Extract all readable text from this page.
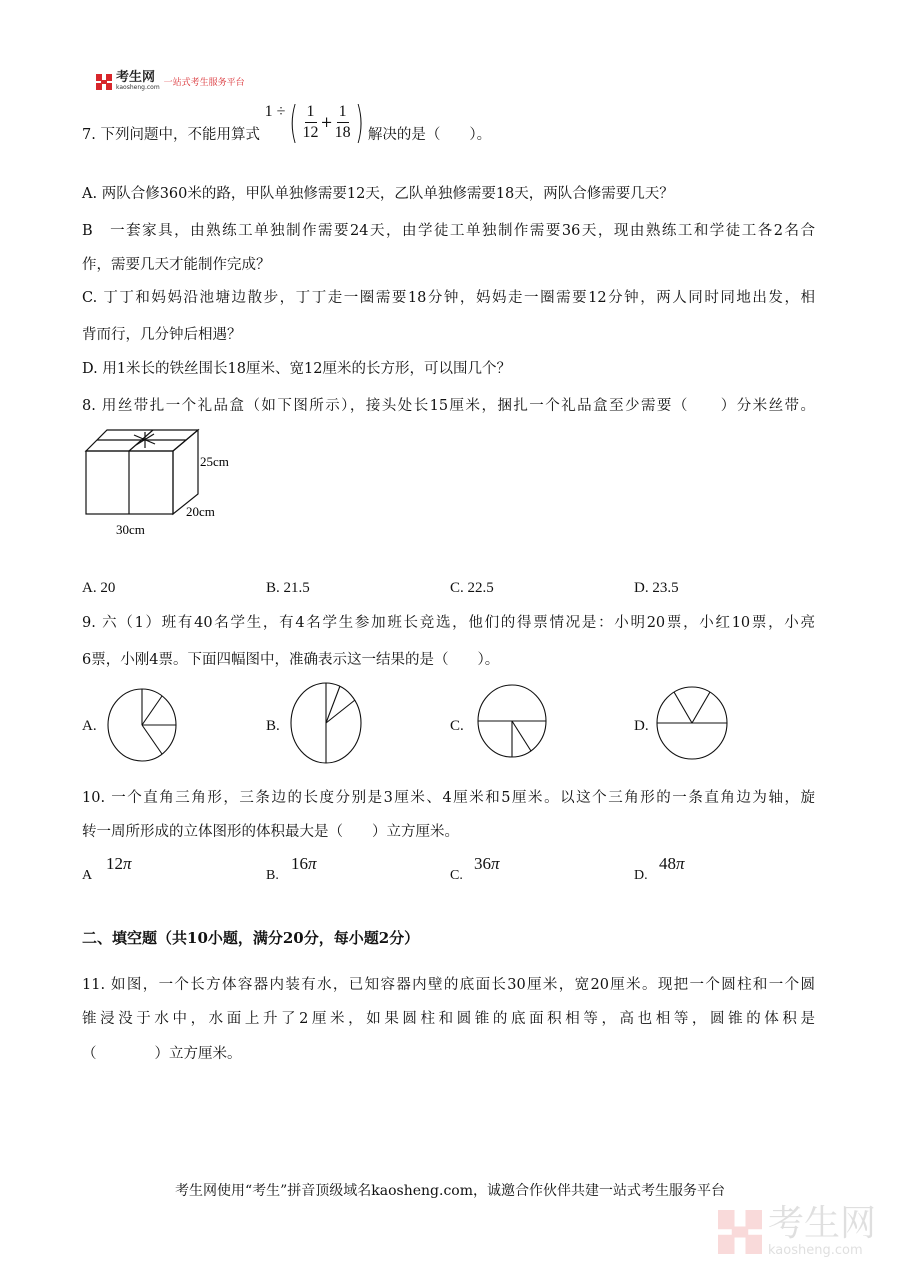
考生网
kaosheng.com 一站式考生服务平台
7. 下列问题中，不能用算式 1 ÷( $\frac{1}{12} + \frac{1}{18}$ ) 解决的是（　　）。
A. 两队合修360米的路，甲队单独修需要12天，乙队单独修需要18天，两队合修需要几天？
B　一套家具，由熟练工单独制作需要24天，由学徒工单独制作需要36天，现由熟练工和学徒工各2名合
作，需要几天才能制作完成？
C. 丁丁和妈妈沿池塘边散步，丁丁走一圈需要18分钟，妈妈走一圈需要12分钟，两人同时同地出发，相
背而行，几分钟后相遇？
D. 用1米长的铁丝围长18厘米、宽12厘米的长方形，可以围几个？
8. 用丝带扎一个礼品盒（如下图所示），接头处长15厘米，捆扎一个礼品盒至少需要（　　）分米丝带。
25cm
20cm
30cm
A. 20	B. 21.5	C. 22.5	D. 23.5
9. 六（1）班有40名学生，有4名学生参加班长竞选，他们的得票情况是：小明20票，小红10票，小亮
6票，小刚4票。下面四幅图中，准确表示这一结果的是（　　）。
A.	B.	C.	D.
10. 一个直角三角形，三条边的长度分别是3厘米、4厘米和5厘米。以这个三角形的一条直角边为轴，旋
转一周所形成的立体图形的体积最大是（　　）立方厘米。
A
12π
B.
16π
C.
36π
D.
48π
二、填空题（共10小题，满分20分，每小题2分）
11. 如图，一个长方体容器内装有水，已知容器内壁的底面长30厘米，宽20厘米。现把一个圆柱和一个圆
锥浸没于水中，水面上升了2厘米，如果圆柱和圆锥的底面积相等，高也相等，圆锥的体积是
（　　　　）立方厘米。
考生网使用“考生”拼音顶级域名kaosheng.com，诚邀合作伙伴共建一站式考生服务平台
考生网
kaosheng.com
